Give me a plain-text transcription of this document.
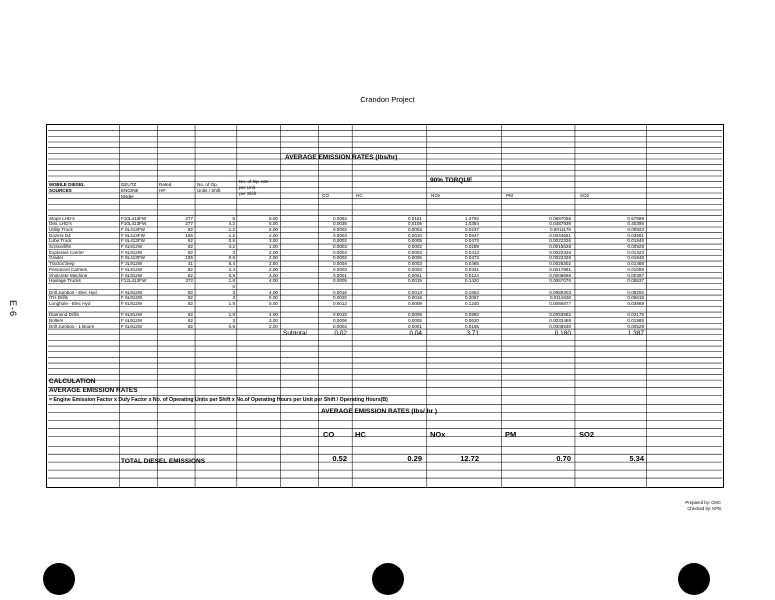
Crandon Project
E-6
AVERAGE EMISSION RATES (lbs/hr)
90% TORQUE
MOBILE DIESEL
SOURCES
DEUTZ
ENGINE
Model
Rated
HP
No. of Op.
Units / Shift
No. of Op. Hrs
per Unit
per Shift	CO	HC	NOx	PM	SO2
Stope LHD's	F10L413FW	277	6	5.00	0.0052	0.0151	1.4792	0.0697056	0.57899
Dev. LHD's	F10L413FW	277	4.2	5.00	0.0036	0.0106	1.0354	0.0487939	0.40390
Utility Truck	F 8L413FW	82	1.2	2.00	0.0002	0.0002	0.0237	0.0011179	0.00923
Dozers D4	F 8L413FW	185	1.2	2.00	0.0003	0.0010	0.0947	0.0044651	0.03691
Lube Truck	F 8L413FW	82	0.6	3.00	0.0002	0.0005	0.0473	0.0022326	0.01846
Scissorlifts	F 6L912W	82	4.2	1.00	0.0003	0.0002	0.0289	0.0015628	0.00928
Explosive Carrier	F 6L912W	82	3	2.00	0.0004	0.0003	0.0413	0.0022326	0.01323
Grader	F 8L413FW	185	0.6	2.00	0.0002	0.0005	0.0473	0.0022326	0.01846
Tractor/Jeep	F 3L912W	41	5.4	2.50	0.0004	0.0003	0.0465	0.0025302	0.01488
Personnel Carriers	F 6L912W	82	2.4	2.00	0.0003	0.0003	0.0331	0.0017861	0.01058
Shotcrete Machine	F 6L912W	82	0.6	3.00	0.0001	0.0001	0.0124	0.0006698	0.00397
Haulage Trucks	F12L413FW	372	1.8	4.00	0.0005	0.0015	0.1420	0.0067076	0.05537
0
Drill Jumbos - Elec Hyd	F 6L912W	82	3	4.00	0.0016	0.0013	0.1654	0.0089303	0.05292
ITH Drills	F 6L912W	82	3	5.00	0.0020	0.0016	0.2067	0.0111628	0.06615
Longhole - Elec Hyd	F 6L912W	82	1.8	5.00	0.0012	0.0009	0.1240	0.0066977	0.03969
Diamond Drills	F 6L912W	82	1.8	4.00	0.0010	0.0008	0.0992	0.0053582	0.03175
Bolters	F 6L912W	82	3	3.00	0.0006	0.0005	0.0620	0.0033488	0.01985
Drill Jumbos - 1 Boom	F 6L912W	82	0.6	2.00	0.0002	0.0001	0.0165	0.0008930	0.00529
Subtotal	0.02	0.04	3.71	0.180	1.387
CALCULATION
AVERAGE EMISSION RATES
= Engine Emission Factor x Duty Factor x No. of Operating Units per Shift x No.of Operating Hours per Unit per Shift / Operating Hours(B)
AVERAGE EMISSION RATES (lbs/ hr )
CO	HC	NOx	PM	SO2
TOTAL DIESEL EMISSIONS	0.52	0.29	12.72	0.70	5.34
Prepared by: CMC
Checked by: KPB
